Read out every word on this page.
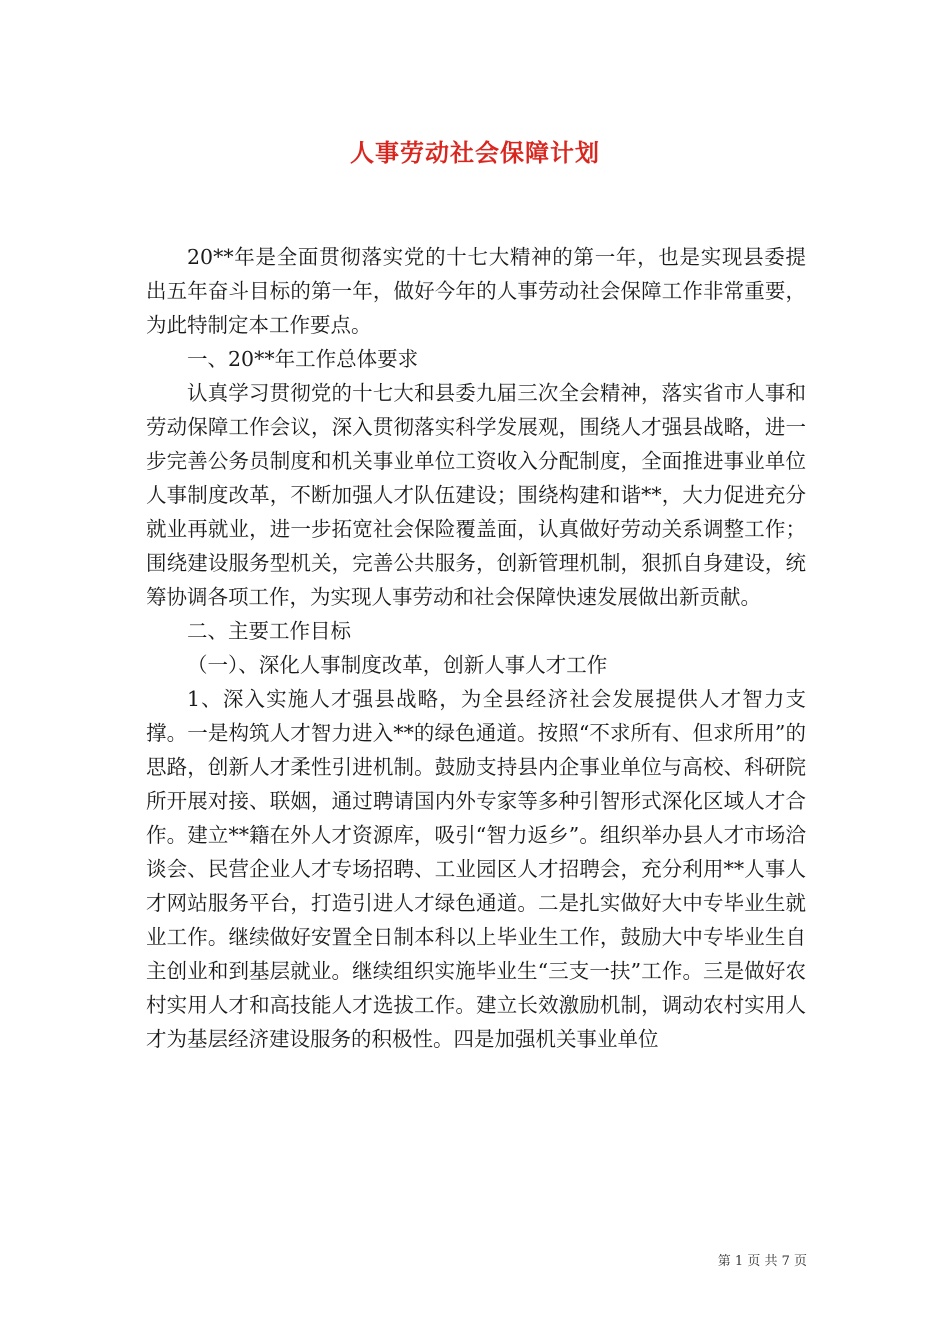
人事劳动社会保障计划

20**年是全面贯彻落实党的十七大精神的第一年，也是实现县委提出五年奋斗目标的第一年，做好今年的人事劳动社会保障工作非常重要，为此特制定本工作要点。

一、20**年工作总体要求

认真学习贯彻党的十七大和县委九届三次全会精神，落实省市人事和劳动保障工作会议，深入贯彻落实科学发展观，围绕人才强县战略，进一步完善公务员制度和机关事业单位工资收入分配制度，全面推进事业单位人事制度改革，不断加强人才队伍建设；围绕构建和谐**，大力促进充分就业再就业，进一步拓宽社会保险覆盖面，认真做好劳动关系调整工作；围绕建设服务型机关，完善公共服务，创新管理机制，狠抓自身建设，统筹协调各项工作，为实现人事劳动和社会保障快速发展做出新贡献。

二、主要工作目标

（一）、深化人事制度改革，创新人事人才工作

1、深入实施人才强县战略，为全县经济社会发展提供人才智力支撑。一是构筑人才智力进入**的绿色通道。按照“不求所有、但求所用”的思路，创新人才柔性引进机制。鼓励支持县内企事业单位与高校、科研院所开展对接、联姻，通过聘请国内外专家等多种引智形式深化区域人才合作。建立**籍在外人才资源库，吸引“智力返乡”。组织举办县人才市场洽谈会、民营企业人才专场招聘、工业园区人才招聘会，充分利用**人事人才网站服务平台，打造引进人才绿色通道。二是扎实做好大中专毕业生就业工作。继续做好安置全日制本科以上毕业生工作，鼓励大中专毕业生自主创业和到基层就业。继续组织实施毕业生“三支一扶”工作。三是做好农村实用人才和高技能人才选拔工作。建立长效激励机制，调动农村实用人才为基层经济建设服务的积极性。四是加强机关事业单位

第 1 页 共 7 页
